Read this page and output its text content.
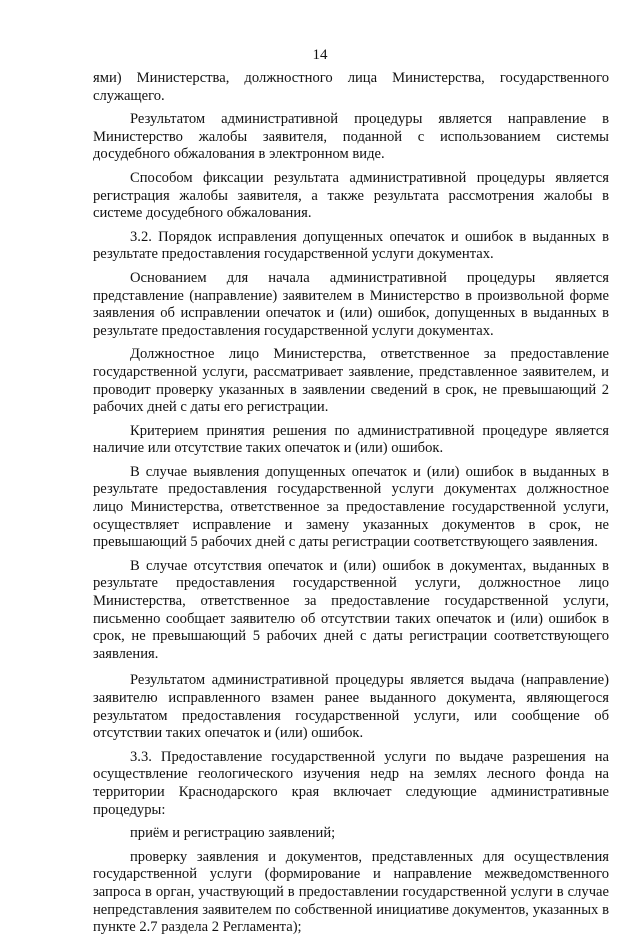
14

ями) Министерства, должностного лица Министерства, государственного служащего.

Результатом административной процедуры является направление в Министерство жалобы заявителя, поданной с использованием системы досудебного обжалования в электронном виде.

Способом фиксации результата административной процедуры является регистрация жалобы заявителя, а также результата рассмотрения жалобы в системе досудебного обжалования.

3.2. Порядок исправления допущенных опечаток и ошибок в выданных в результате предоставления государственной услуги документах.

Основанием для начала административной процедуры является представление (направление) заявителем в Министерство в произвольной форме заявления об исправлении опечаток и (или) ошибок, допущенных в выданных в результате предоставления государственной услуги документах.

Должностное лицо Министерства, ответственное за предоставление государственной услуги, рассматривает заявление, представленное заявителем, и проводит проверку указанных в заявлении сведений в срок, не превышающий 2 рабочих дней с даты его регистрации.

Критерием принятия решения по административной процедуре является наличие или отсутствие таких опечаток и (или) ошибок.

В случае выявления допущенных опечаток и (или) ошибок в выданных в результате предоставления государственной услуги документах должностное лицо Министерства, ответственное за предоставление государственной услуги, осуществляет исправление и замену указанных документов в срок, не превышающий 5 рабочих дней с даты регистрации соответствующего заявления.

В случае отсутствия опечаток и (или) ошибок в документах, выданных в результате предоставления государственной услуги, должностное лицо Министерства, ответственное за предоставление государственной услуги, письменно сообщает заявителю об отсутствии таких опечаток и (или) ошибок в срок, не превышающий 5 рабочих дней с даты регистрации соответствующего заявления.

Результатом административной процедуры является выдача (направление) заявителю исправленного взамен ранее выданного документа, являющегося результатом предоставления государственной услуги, или сообщение об отсутствии таких опечаток и (или) ошибок.

3.3. Предоставление государственной услуги по выдаче разрешения на осуществление геологического изучения недр на землях лесного фонда на территории Краснодарского края включает следующие административные процедуры:

приём и регистрацию заявлений;

проверку заявления и документов, представленных для осуществления государственной услуги (формирование и направление межведомственного запроса в орган, участвующий в предоставлении государственной услуги в случае непредставления заявителем по собственной инициативе документов, указанных в пункте 2.7 раздела 2 Регламента);
